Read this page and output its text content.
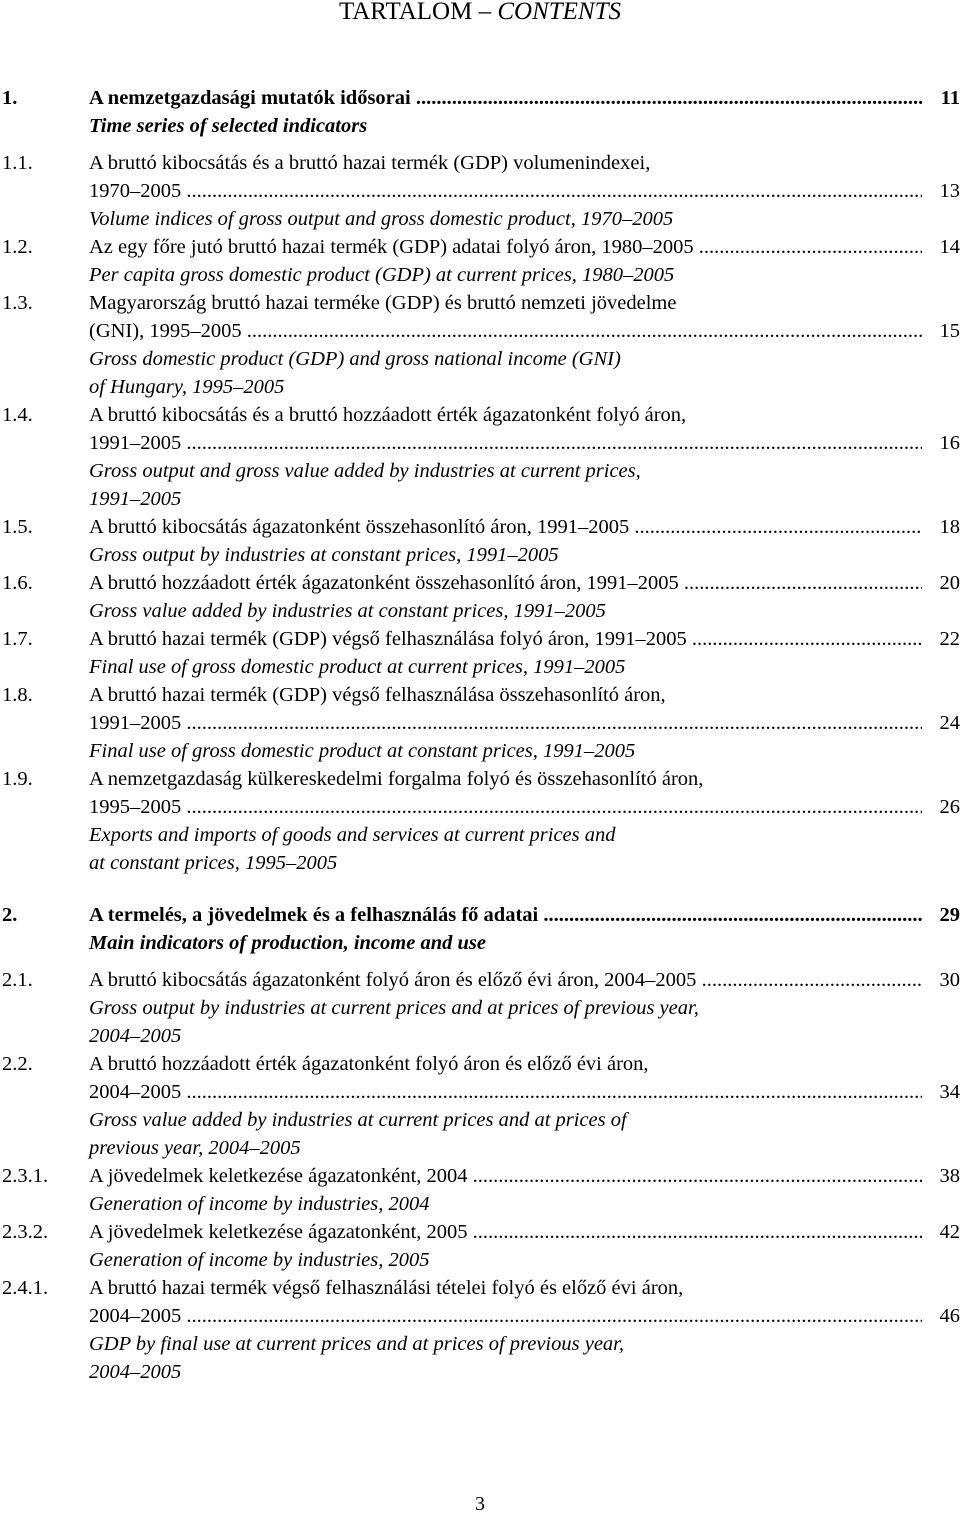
TARTALOM – CONTENTS
1.	A nemzetgazdasági mutatók idősorai .....	11
Time series of selected indicators
1.1.	A bruttó kibocsátás és a bruttó hazai termék (GDP) volumenindexei,
1970–2005 .....	13
Volume indices of gross output and gross domestic product, 1970–2005
1.2.	Az egy főre jutó bruttó hazai termék (GDP) adatai folyó áron, 1980–2005 .....	14
Per capita gross domestic product (GDP) at current prices, 1980–2005
1.3.	Magyarország bruttó hazai terméke (GDP) és bruttó nemzeti jövedelme
(GNI), 1995–2005 .....	15
Gross domestic product (GDP) and gross national income (GNI)
of Hungary, 1995–2005
1.4.	A bruttó kibocsátás és a bruttó hozzáadott érték ágazatonként folyó áron,
1991–2005 .....	16
Gross output and gross value added by industries at current prices,
1991–2005
1.5.	A bruttó kibocsátás ágazatonként összehasonlító áron, 1991–2005 .....	18
Gross output by industries at constant prices, 1991–2005
1.6.	A bruttó hozzáadott érték ágazatonként összehasonlító áron, 1991–2005 .....	20
Gross value added by industries at constant prices, 1991–2005
1.7.	A bruttó hazai termék (GDP) végső felhasználása folyó áron, 1991–2005 .....	22
Final use of gross domestic product at current prices, 1991–2005
1.8.	A bruttó hazai termék (GDP) végső felhasználása összehasonlító áron,
1991–2005 .....	24
Final use of gross domestic product at constant prices, 1991–2005
1.9.	A nemzetgazdaság külkereskedelmi forgalma folyó és összehasonlító áron,
1995–2005 .....	26
Exports and imports of goods and services at current prices and
at constant prices, 1995–2005
2.	A termelés, a jövedelmek és a felhasználás fő adatai .....	29
Main indicators of production, income and use
2.1.	A bruttó kibocsátás ágazatonként folyó áron és előző évi áron, 2004–2005 .....	30
Gross output by industries at current prices and at prices of previous year,
2004–2005
2.2.	A bruttó hozzáadott érték ágazatonként folyó áron és előző évi áron,
2004–2005 .....	34
Gross value added by industries at current prices and at prices of
previous year, 2004–2005
2.3.1. A jövedelmek keletkezése ágazatonként, 2004 .....	38
Generation of income by industries, 2004
2.3.2. A jövedelmek keletkezése ágazatonként, 2005 .....	42
Generation of income by industries, 2005
2.4.1. A bruttó hazai termék végső felhasználási tételei folyó és előző évi áron,
2004–2005 .....	46
GDP by final use at current prices and at prices of previous year,
2004–2005
3
